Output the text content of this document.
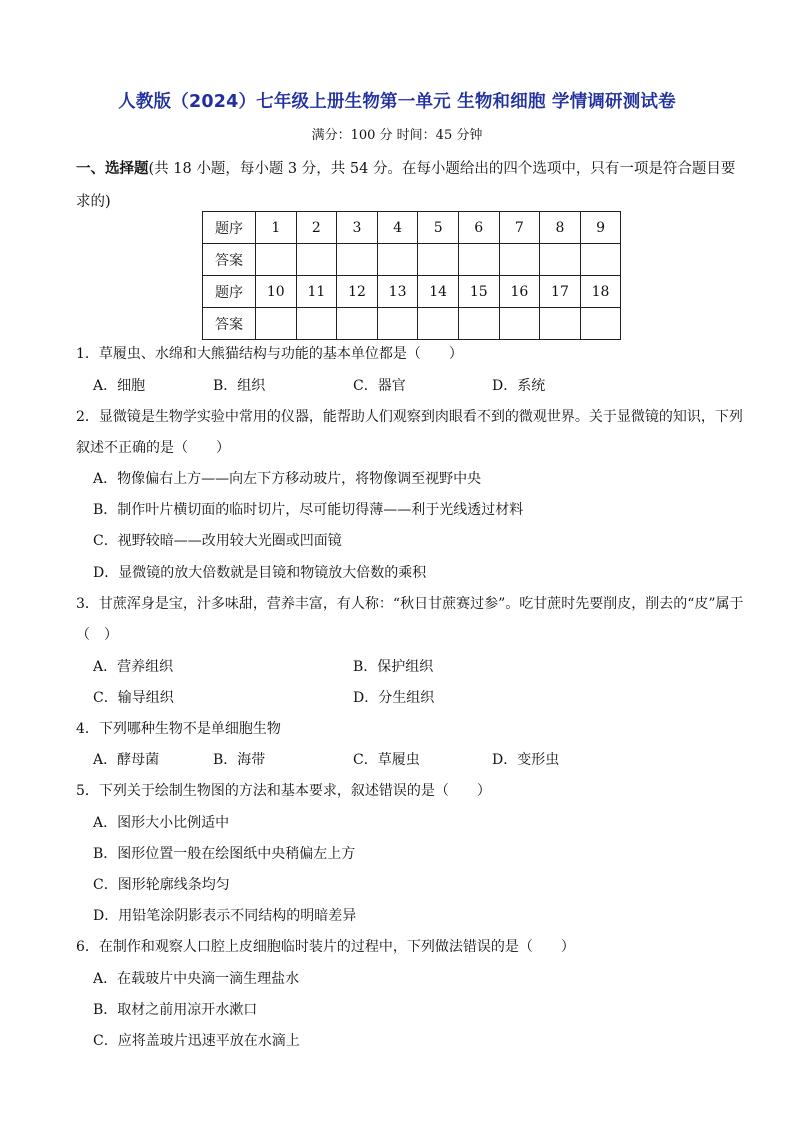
人教版（2024）七年级上册生物第一单元 生物和细胞 学情调研测试卷
满分：100 分 时间：45 分钟
一、选择题(共 18 小题，每小题 3 分，共 54 分。在每小题给出的四个选项中，只有一项是符合题目要求的)
题序	1	2	3	4	5	6	7	8	9
答案									
题序	10	11	12	13	14	15	16	17	18
答案									
1．草履虫、水绵和大熊猫结构与功能的基本单位都是（　　）
A．细胞	B．组织	C．器官	D．系统
2．显微镜是生物学实验中常用的仪器，能帮助人们观察到肉眼看不到的微观世界。关于显微镜的知识，下列叙述不正确的是（　　）
A．物像偏右上方——向左下方移动玻片，将物像调至视野中央
B．制作叶片横切面的临时切片，尽可能切得薄——利于光线透过材料
C．视野较暗——改用较大光圈或凹面镜
D．显微镜的放大倍数就是目镜和物镜放大倍数的乘积
3．甘蔗浑身是宝，汁多味甜，营养丰富，有人称：“秋日甘蔗赛过参”。吃甘蔗时先要削皮，削去的“皮”属于（　）
A．营养组织	B．保护组织
C．输导组织	D．分生组织
4．下列哪种生物不是单细胞生物
A．酵母菌	B．海带	C．草履虫	D．变形虫
5．下列关于绘制生物图的方法和基本要求，叙述错误的是（　　）
A．图形大小比例适中
B．图形位置一般在绘图纸中央稍偏左上方
C．图形轮廓线条均匀
D．用铅笔涂阴影表示不同结构的明暗差异
6．在制作和观察人口腔上皮细胞临时装片的过程中，下列做法错误的是（　　）
A．在载玻片中央滴一滴生理盐水
B．取材之前用凉开水漱口
C．应将盖玻片迅速平放在水滴上
